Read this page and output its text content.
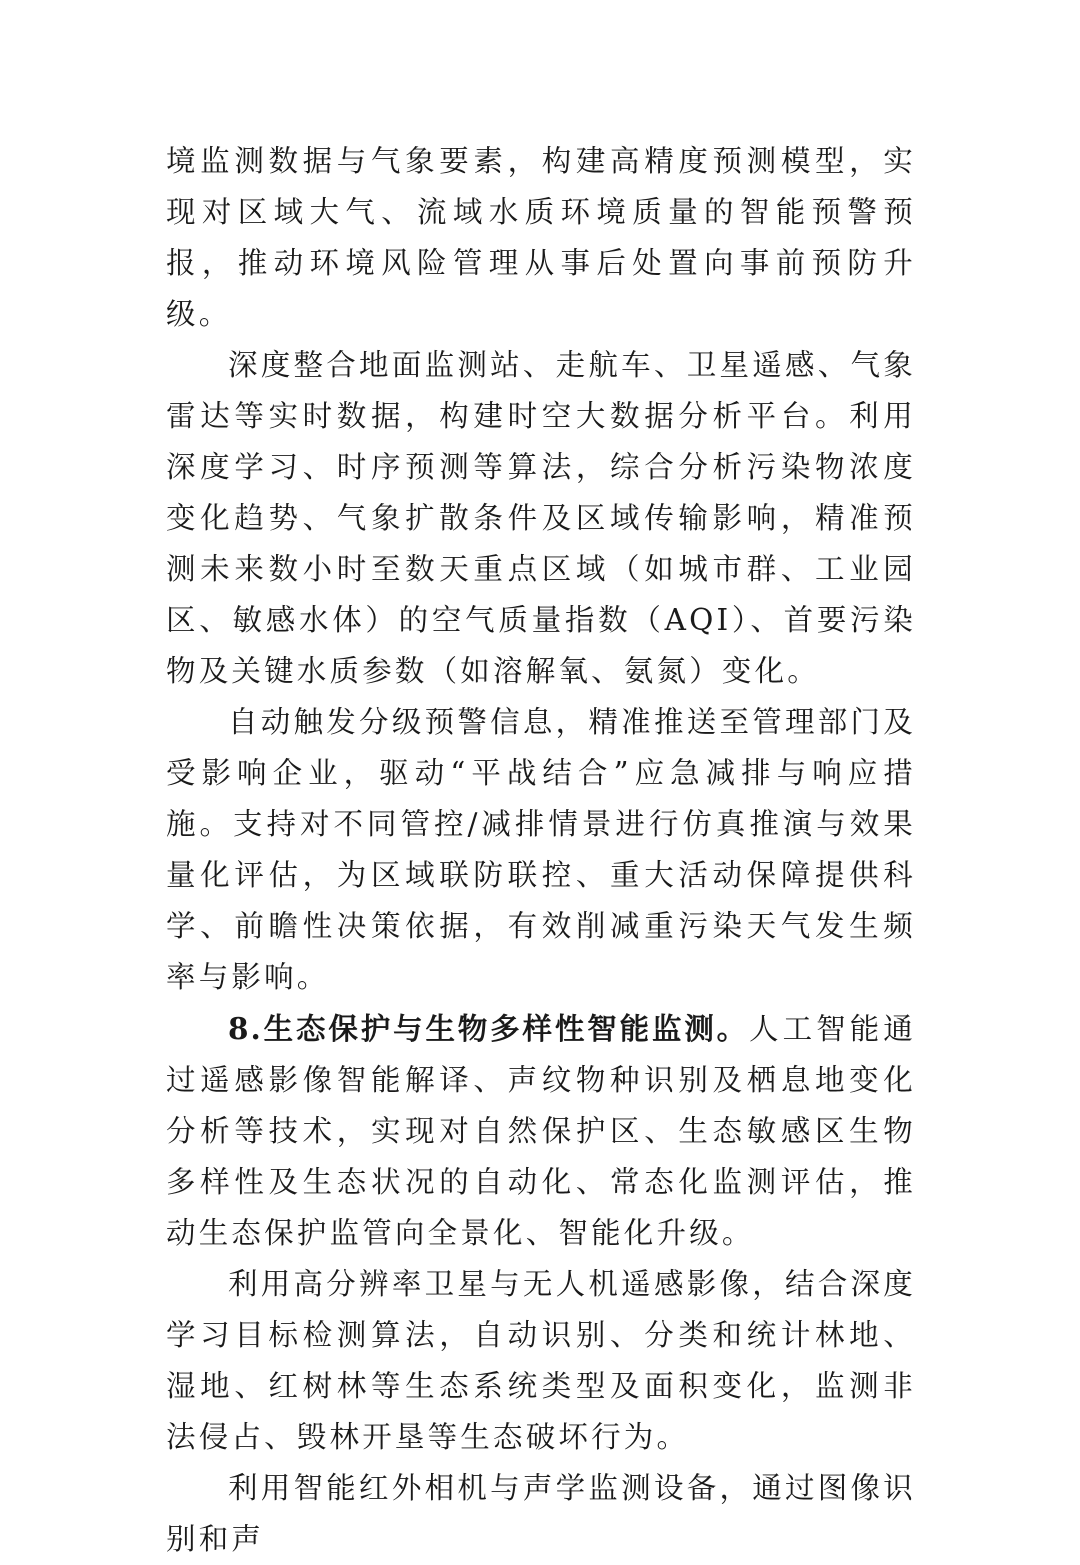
境监测数据与气象要素，构建高精度预测模型，实现对区域大气、流域水质环境质量的智能预警预报，推动环境风险管理从事后处置向事前预防升级。

深度整合地面监测站、走航车、卫星遥感、气象雷达等实时数据，构建时空大数据分析平台。利用深度学习、时序预测等算法，综合分析污染物浓度变化趋势、气象扩散条件及区域传输影响，精准预测未来数小时至数天重点区域（如城市群、工业园区、敏感水体）的空气质量指数（AQI）、首要污染物及关键水质参数（如溶解氧、氨氮）变化。

自动触发分级预警信息，精准推送至管理部门及受影响企业，驱动“平战结合”应急减排与响应措施。支持对不同管控/减排情景进行仿真推演与效果量化评估，为区域联防联控、重大活动保障提供科学、前瞻性决策依据，有效削减重污染天气发生频率与影响。

8.生态保护与生物多样性智能监测。人工智能通过遥感影像智能解译、声纹物种识别及栖息地变化分析等技术，实现对自然保护区、生态敏感区生物多样性及生态状况的自动化、常态化监测评估，推动生态保护监管向全景化、智能化升级。

利用高分辨率卫星与无人机遥感影像，结合深度学习目标检测算法，自动识别、分类和统计林地、湿地、红树林等生态系统类型及面积变化，监测非法侵占、毁林开垦等生态破坏行为。

利用智能红外相机与声学监测设备，通过图像识别和声
